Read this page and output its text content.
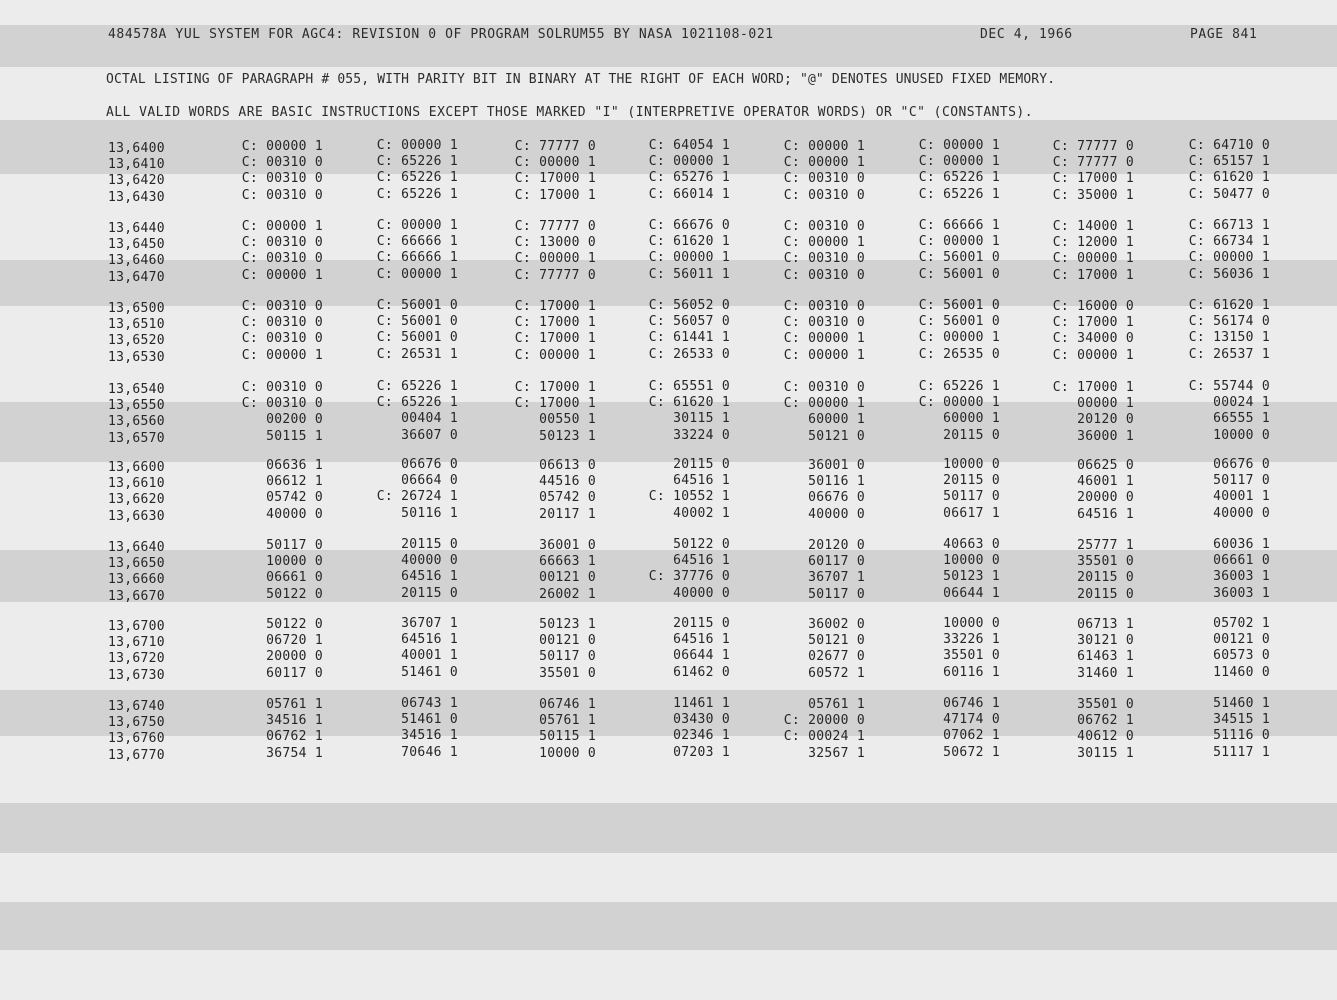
484578A YUL SYSTEM FOR AGC4: REVISION 0 OF PROGRAM SOLRUM55 BY NASA 1021108-021	DEC 4, 1966	PAGE 841
OCTAL LISTING OF PARAGRAPH # 055, WITH PARITY BIT IN BINARY AT THE RIGHT OF EACH WORD; "@" DENOTES UNUSED FIXED MEMORY.
ALL VALID WORDS ARE BASIC INSTRUCTIONS EXCEPT THOSE MARKED "I" (INTERPRETIVE OPERATOR WORDS) OR "C" (CONSTANTS).
13,6400	C: 00000 1	C: 00000 1	C: 77777 0	C: 64054 1	C: 00000 1	C: 00000 1	C: 77777 0	C: 64710 0
13,6410	C: 00310 0	C: 65226 1	C: 00000 1	C: 00000 1	C: 00000 1	C: 00000 1	C: 77777 0	C: 65157 1
13,6420	C: 00310 0	C: 65226 1	C: 17000 1	C: 65276 1	C: 00310 0	C: 65226 1	C: 17000 1	C: 61620 1
13,6430	C: 00310 0	C: 65226 1	C: 17000 1	C: 66014 1	C: 00310 0	C: 65226 1	C: 35000 1	C: 50477 0
13,6440	C: 00000 1	C: 00000 1	C: 77777 0	C: 66676 0	C: 00310 0	C: 66666 1	C: 14000 1	C: 66713 1
13,6450	C: 00310 0	C: 66666 1	C: 13000 0	C: 61620 1	C: 00000 1	C: 00000 1	C: 12000 1	C: 66734 1
13,6460	C: 00310 0	C: 66666 1	C: 00000 1	C: 00000 1	C: 00310 0	C: 56001 0	C: 00000 1	C: 00000 1
13,6470	C: 00000 1	C: 00000 1	C: 77777 0	C: 56011 1	C: 00310 0	C: 56001 0	C: 17000 1	C: 56036 1
13,6500	C: 00310 0	C: 56001 0	C: 17000 1	C: 56052 0	C: 00310 0	C: 56001 0	C: 16000 0	C: 61620 1
13,6510	C: 00310 0	C: 56001 0	C: 17000 1	C: 56057 0	C: 00310 0	C: 56001 0	C: 17000 1	C: 56174 0
13,6520	C: 00310 0	C: 56001 0	C: 17000 1	C: 61441 1	C: 00000 1	C: 00000 1	C: 34000 0	C: 13150 1
13,6530	C: 00000 1	C: 26531 1	C: 00000 1	C: 26533 0	C: 00000 1	C: 26535 0	C: 00000 1	C: 26537 1
13,6540	C: 00310 0	C: 65226 1	C: 17000 1	C: 65551 0	C: 00310 0	C: 65226 1	C: 17000 1	C: 55744 0
13,6550	C: 00310 0	C: 65226 1	C: 17000 1	C: 61620 1	C: 00000 1	C: 00000 1	00000 1	00024 1
13,6560	00200 0	00404 1	00550 1	30115 1	60000 1	60000 1	20120 0	66555 1
13,6570	50115 1	36607 0	50123 1	33224 0	50121 0	20115 0	36000 1	10000 0
13,6600	06636 1	06676 0	06613 0	20115 0	36001 0	10000 0	06625 0	06676 0
13,6610	06612 1	06664 0	44516 0	64516 1	50116 1	20115 0	46001 1	50117 0
13,6620	05742 0	C: 26724 1	05742 0	C: 10552 1	06676 0	50117 0	20000 0	40001 1
13,6630	40000 0	50116 1	20117 1	40002 1	40000 0	06617 1	64516 1	40000 0
13,6640	50117 0	20115 0	36001 0	50122 0	20120 0	40663 0	25777 1	60036 1
13,6650	10000 0	40000 0	66663 1	64516 1	60117 0	10000 0	35501 0	06661 0
13,6660	06661 0	64516 1	00121 0	C: 37776 0	36707 1	50123 1	20115 0	36003 1
13,6670	50122 0	20115 0	26002 1	40000 0	50117 0	06644 1	20115 0	36003 1
13,6700	50122 0	36707 1	50123 1	20115 0	36002 0	10000 0	06713 1	05702 1
13,6710	06720 1	64516 1	00121 0	64516 1	50121 0	33226 1	30121 0	00121 0
13,6720	20000 0	40001 1	50117 0	06644 1	02677 0	35501 0	61463 1	60573 0
13,6730	60117 0	51461 0	35501 0	61462 0	60572 1	60116 1	31460 1	11460 0
13,6740	05761 1	06743 1	06746 1	11461 1	05761 1	06746 1	35501 0	51460 1
13,6750	34516 1	51461 0	05761 1	03430 0	C: 20000 0	47174 0	06762 1	34515 1
13,6760	06762 1	34516 1	50115 1	02346 1	C: 00024 1	07062 1	40612 0	51116 0
13,6770	36754 1	70646 1	10000 0	07203 1	32567 1	50672 1	30115 1	51117 1
